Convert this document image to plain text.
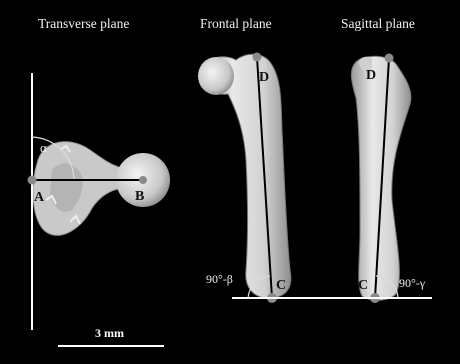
Transverse plane	Frontal plane	Sagittal plane
α
A	B
D
C
90°-β
D
C	90°-γ
3 mm
